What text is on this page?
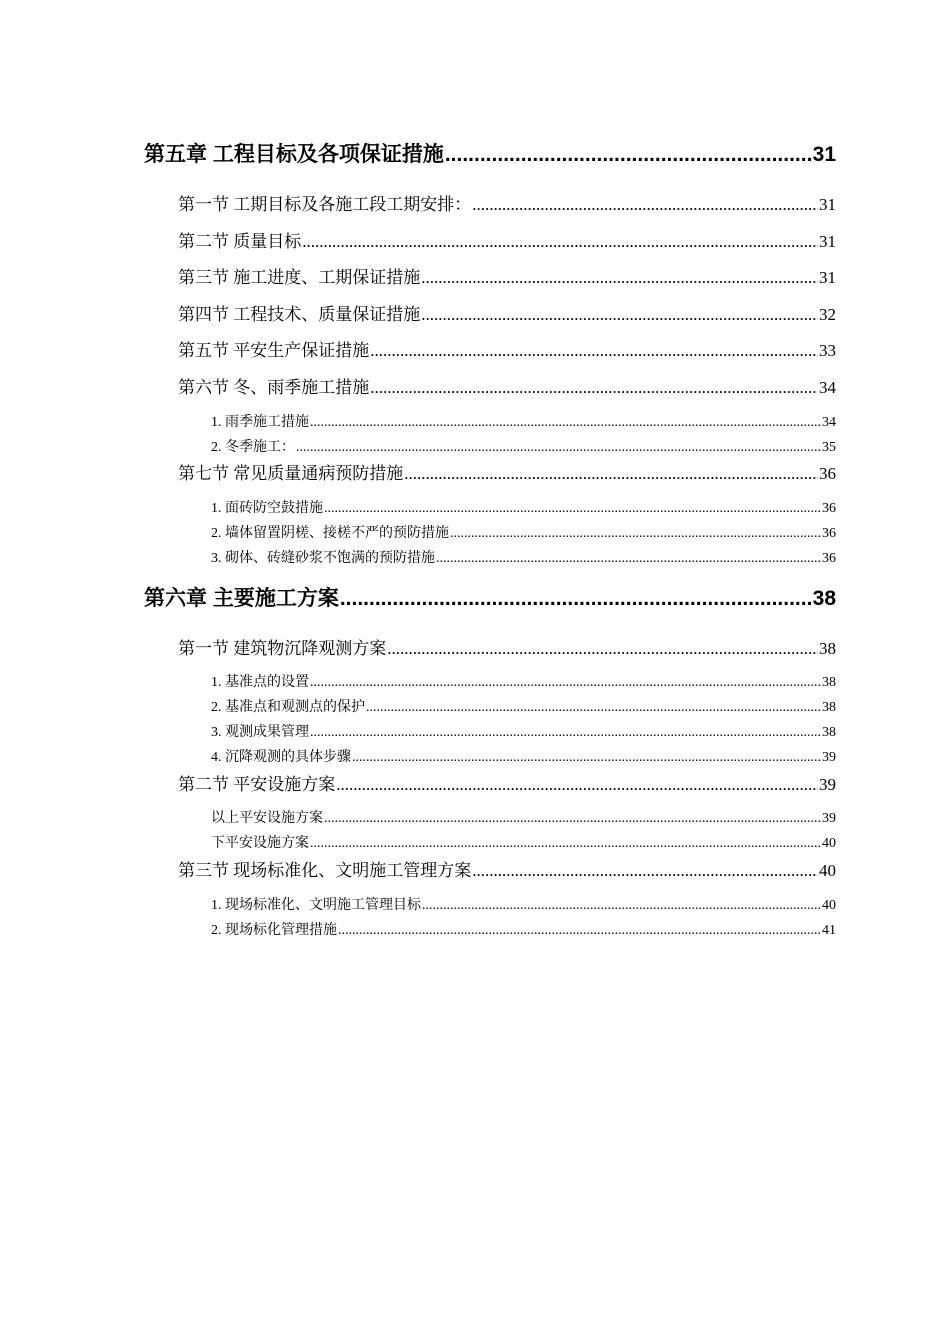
第五章 工程目标及各项保证措施 .....	31
第一节 工期目标及各施工段工期安排： .....	31
第二节 质量目标 .....	31
第三节 施工进度、工期保证措施 .....	31
第四节 工程技术、质量保证措施 .....	32
第五节 平安生产保证措施 .....	33
第六节 冬、雨季施工措施 .....	34
1. 雨季施工措施 .....	34
2. 冬季施工： .....	35
第七节 常见质量通病预防措施 .....	36
1. 面砖防空鼓措施 .....	36
2. 墙体留置阴槎、接槎不严的预防措施 .....	36
3. 砌体、砖缝砂浆不饱满的预防措施 .....	36
第六章 主要施工方案 .....	38
第一节 建筑物沉降观测方案 .....	38
1. 基准点的设置 .....	38
2. 基准点和观测点的保护 .....	38
3. 观测成果管理 .....	38
4. 沉降观测的具体步骤 .....	39
第二节 平安设施方案 .....	39
以上平安设施方案 .....	39
下平安设施方案 .....	40
第三节 现场标准化、文明施工管理方案 .....	40
1. 现场标准化、文明施工管理目标 .....	40
2. 现场标化管理措施 .....	41
